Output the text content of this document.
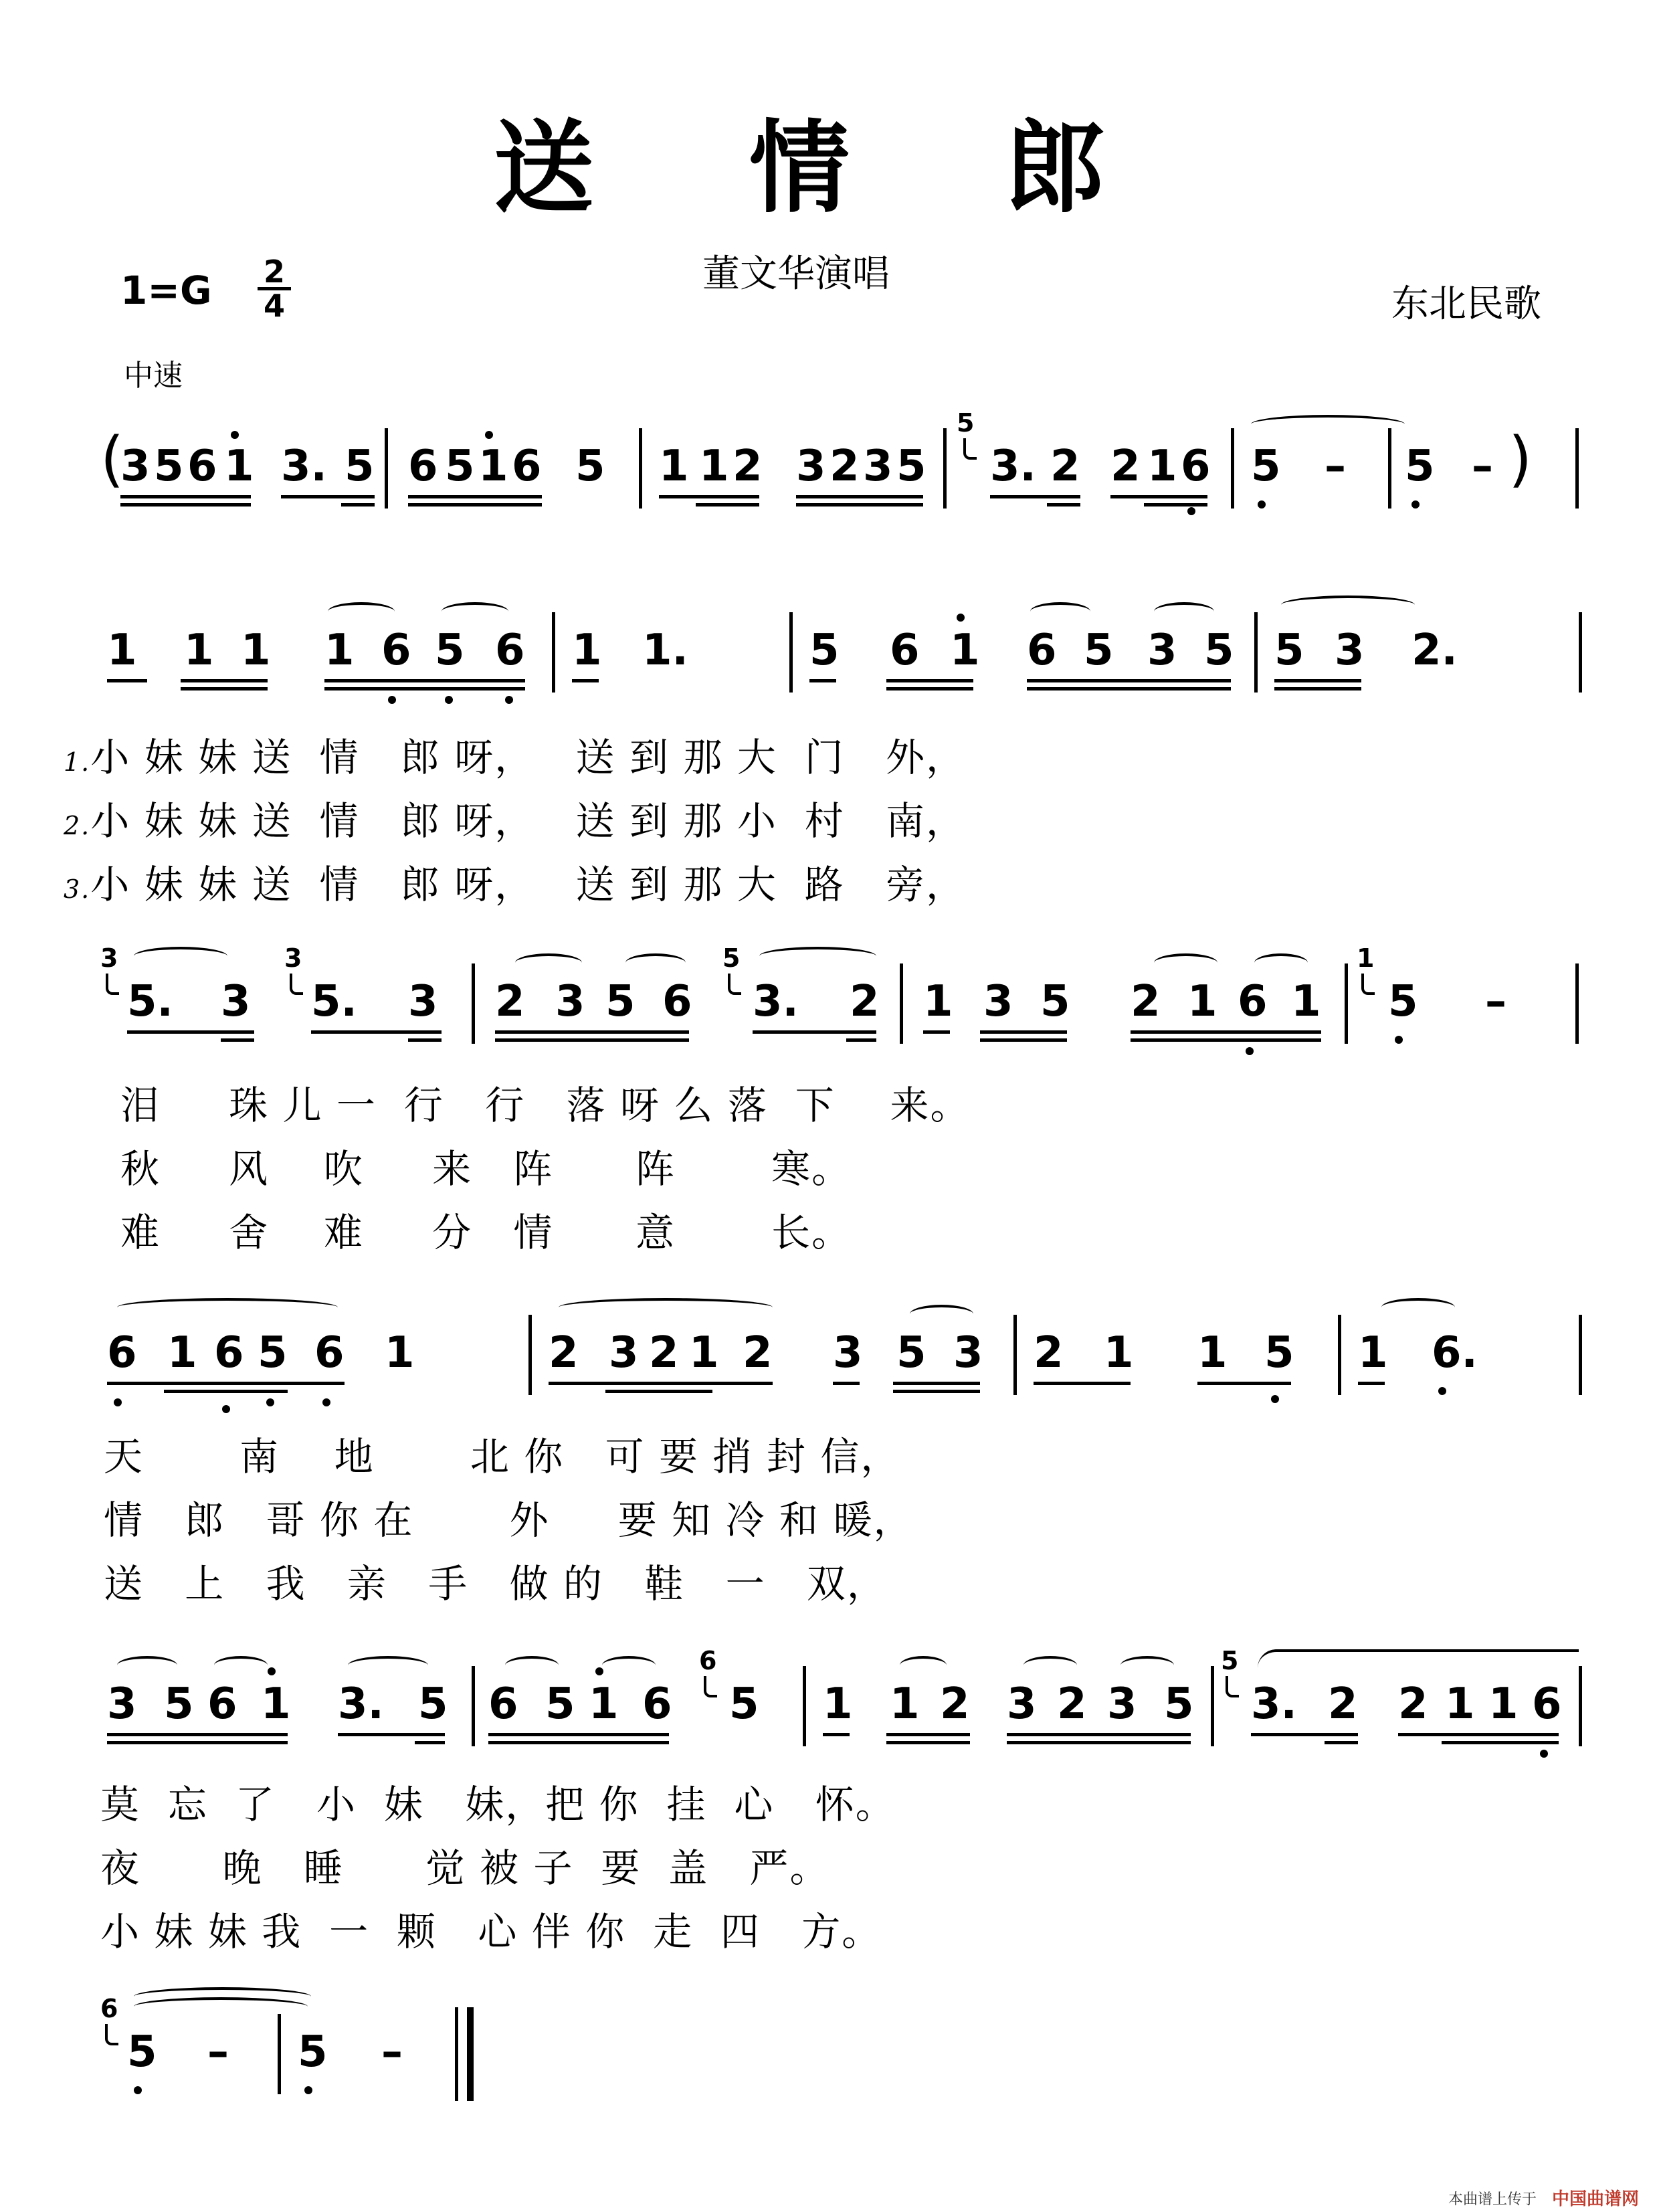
送 情 郎
董文华演唱
东北民歌
1=G 2
4
中速
(
3 5 6 1 3. 5 6 5 1 6 5 1 1 2 3 2 3 5
5
3. 2 2 1 6 5 – 5 – )
1 1 1 1 6 5 6 1 1.	5 6 1 6 5 3 5 5 3 2.
1.小 妹 妹 送  情   郎 呀，   送 到 那 大  门   外，
2.小 妹 妹 送  情   郎 呀，   送 到 那 小  村   南，
3.小 妹 妹 送  情   郎 呀，   送 到 那 大  路   旁，
3
5. 3
3
5. 3 2 3 5 6
5
3. 2 1 3 5 2 1 6 1
1
5 –
泪     珠 儿 一  行   行   落 呀 么 落  下    来。
秋     风    吹     来   阵      阵       寒。
难     舍    难     分   情      意       长。
6 1 6 5 6 1	2 3 2 1 2 3 5 3 2 1 1 5 1 6.
天       南    地       北 你   可 要 捎 封 信，
情   郎   哥 你 在       外     要 知 冷 和 暖，
送   上   我   亲   手   做 的   鞋   一   双，
3 5 6 1 3. 5 6 5 1 6
6
5 1 1 2 3 2 3 5
5
3. 2 2 1 1 6
莫  忘  了   小  妹   妹，把 你  挂  心   怀。
夜      晚   睡      觉 被 子  要  盖   严。
小 妹 妹 我  一  颗   心 伴 你  走  四   方。
6
5 – 5 –
本曲谱上传于 中国曲谱网
